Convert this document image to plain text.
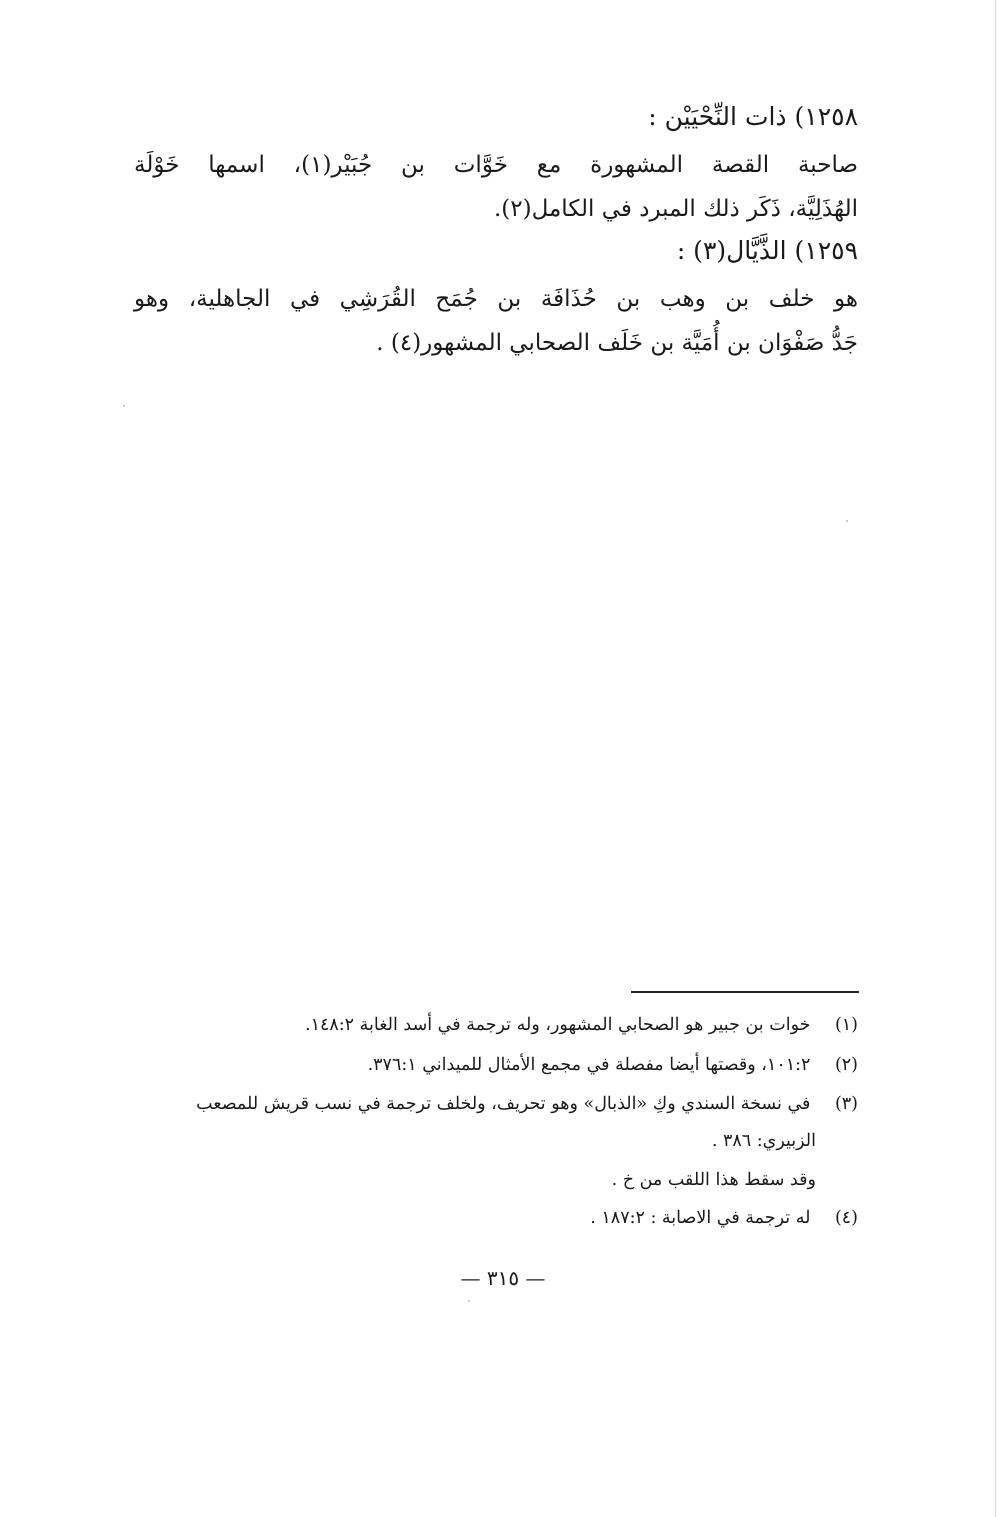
١٢٥٨) ذات النِّحْيَيْن :
صاحبة القصة المشهورة مع خَوَّات بن جُبَيْر(١)، اسمها خَوْلَة
الهُذَلِيَّة، ذَكَر ذلك المبرد في الكامل(٢).
١٢٥٩) الذَّيَّال(٣) :
هو خلف بن وهب بن حُذَافَة بن جُمَح القُرَشِي في الجاهلية، وهو
جَدُّ صَفْوَان بن أُمَيَّة بن خَلَف الصحابي المشهور(٤) .
(١) خوات بن جبير هو الصحابي المشهور، وله ترجمة في أسد الغابة ١٤٨:٢.
(٢) ١٠١:٢، وقصتها أيضا مفصلة في مجمع الأمثال للميداني ٣٧٦:١.
(٣) في نسخة السندي وكِ «الذبال» وهو تحريف، ولخلف ترجمة في نسب قريش للمصعب
الزبيري: ٣٨٦ .
وقد سقط هذا اللقب من خ .
(٤) له ترجمة في الاصابة : ١٨٧:٢ .
— ٣١٥ —
